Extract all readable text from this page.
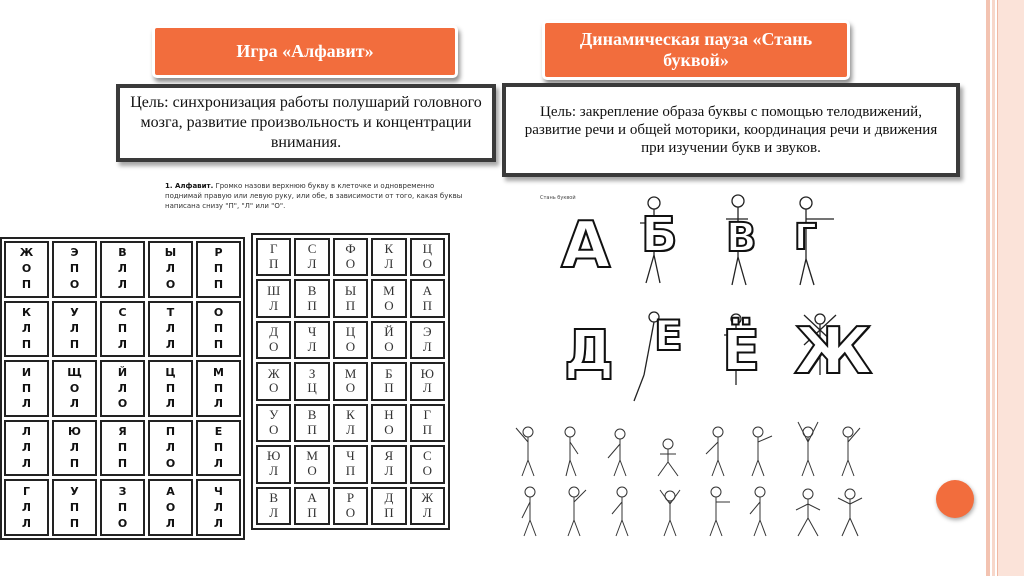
Игра «Алфавит»
Динамическая пауза «Стань буквой»
Цель: синхронизация работы полушарий головного мозга, развитие произвольность и концентрации внимания.
Цель: закрепление образа буквы с помощью телодвижений, развитие речи и общей моторики, координация речи и движения при изучении букв и звуков.
1. Алфавит. Громко назови верхнюю букву в клеточке и одновременно поднимай правую или левую руку, или обе, в зависимости от того, какая буквы написана снизу "П", "Л" или "О".
Ж
О
П
Э
П
О
В
Л
Л
Ы
Л
О
Р
П
П
К
Л
П
У
Л
П
С
П
Л
Т
Л
Л
О
П
П
И
П
Л
Щ
О
Л
Й
Л
О
Ц
П
Л
М
П
Л
Л
Л
Л
Ю
Л
П
Я
П
П
П
Л
О
Е
П
Л
Г
Л
Л
У
П
П
З
П
О
А
О
Л
Ч
Л
Л
Г
П
С
Л
Ф
О
К
Л
Ц
О
Ш
Л
В
П
Ы
П
М
О
А
П
Д
О
Ч
Л
Ц
О
Й
О
Э
Л
Ж
О
З
Ц
М
О
Б
П
Ю
Л
У
О
В
П
К
Л
Н
О
Г
П
Ю
Л
М
О
Ч
П
Я
Л
С
О
В
Л
А
П
Р
О
Д
П
Ж
Л
Стань буквой
А Б В Г
Д Е Ё Ж
